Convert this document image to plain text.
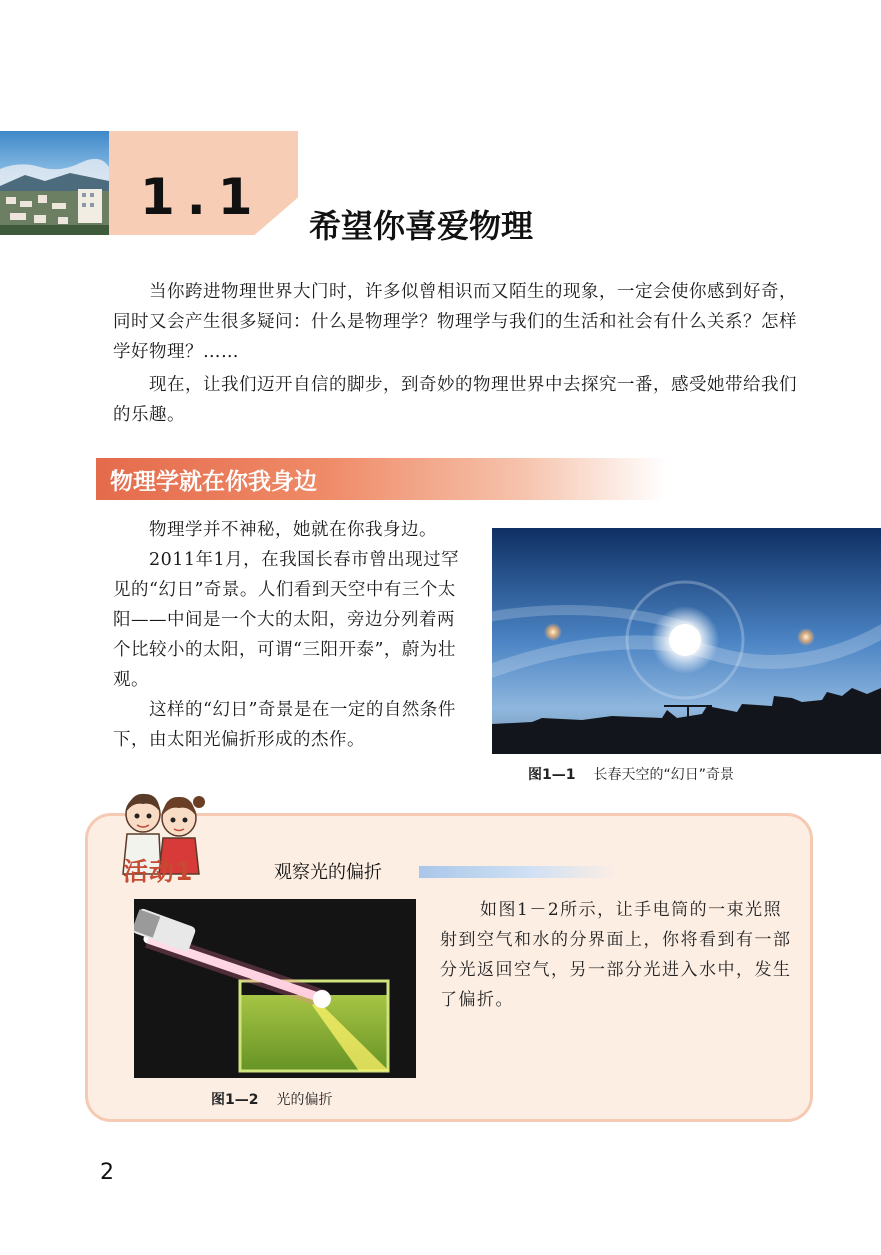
1.1 希望你喜爱物理

当你跨进物理世界大门时，许多似曾相识而又陌生的现象，一定会使你感到好奇，同时又会产生很多疑问：什么是物理学？物理学与我们的生活和社会有什么关系？怎样学好物理？……

现在，让我们迈开自信的脚步，到奇妙的物理世界中去探究一番，感受她带给我们的乐趣。

物理学就在你我身边

物理学并不神秘，她就在你我身边。

2011年1月，在我国长春市曾出现过罕见的“幻日”奇景。人们看到天空中有三个太阳——中间是一个大的太阳，旁边分列着两个比较小的太阳，可谓“三阳开泰”，蔚为壮观。

这样的“幻日”奇景是在一定的自然条件下，由太阳光偏折形成的杰作。

图1—1 长春天空的“幻日”奇景
活动1	观察光的偏折
图1—2 光的偏折

如图1－2所示，让手电筒的一束光照射到空气和水的分界面上，你将看到有一部分光返回空气，另一部分光进入水中，发生了偏折。

2
